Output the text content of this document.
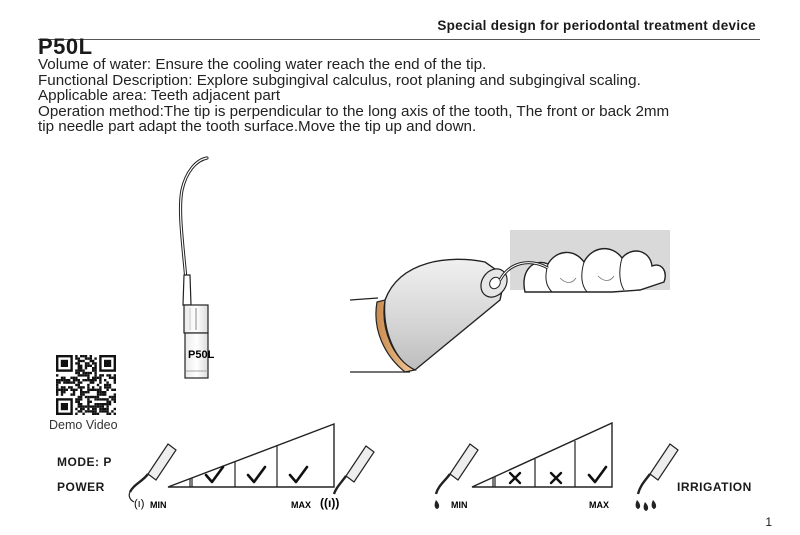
Special design for periodontal treatment device
P50L
Volume of water: Ensure the cooling water reach the end of the tip.
Functional Description: Explore subgingival calculus, root planing and subgingival scaling.
Applicable area: Teeth adjacent part
Operation method:The tip is perpendicular to the long axis of the tooth, The front or back 2mm
tip needle part adapt the tooth surface.Move the tip up and down.
P50L
(ı)	((ı))
MIN	MAX	MIN	MAX
MODE: P
POWER	IRRIGATION
Demo Video
1
